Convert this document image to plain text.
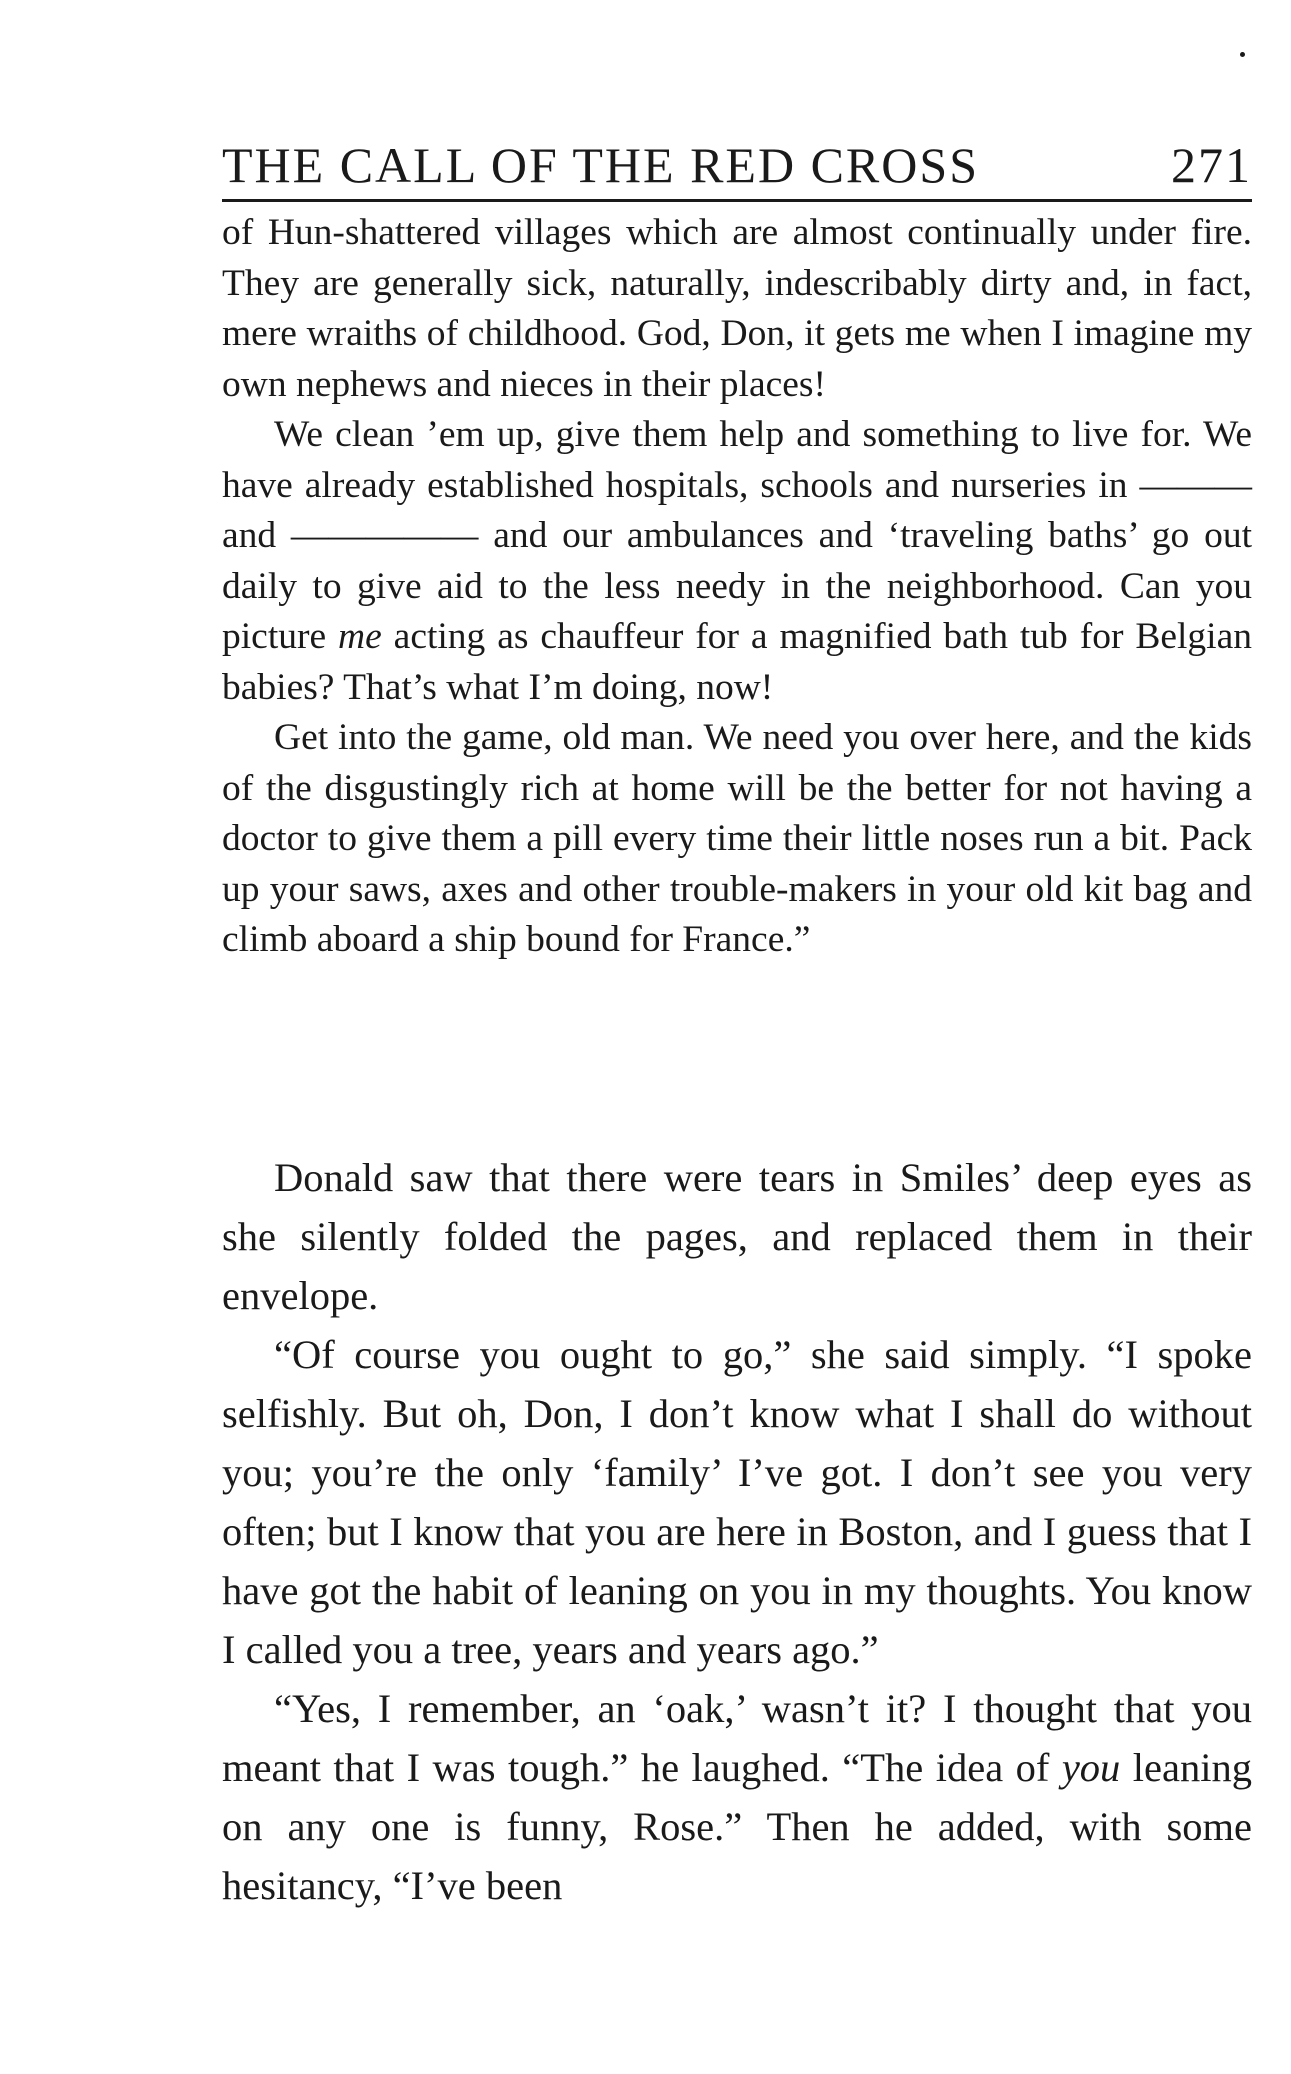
THE CALL OF THE RED CROSS	271

of Hun-shattered villages which are almost continually under fire. They are generally sick, naturally, indescribably dirty and, in fact, mere wraiths of childhood. God, Don, it gets me when I imagine my own nephews and nieces in their places!

We clean ’em up, give them help and something to live for. We have already established hospitals, schools and nurseries in ——— and ————— and our ambulances and ‘traveling baths’ go out daily to give aid to the less needy in the neighborhood. Can you picture me acting as chauffeur for a magnified bath tub for Belgian babies? That’s what I’m doing, now!

Get into the game, old man. We need you over here, and the kids of the disgustingly rich at home will be the better for not having a doctor to give them a pill every time their little noses run a bit. Pack up your saws, axes and other trouble-makers in your old kit bag and climb aboard a ship bound for France.”

Donald saw that there were tears in Smiles’ deep eyes as she silently folded the pages, and replaced them in their envelope.

“Of course you ought to go,” she said simply. “I spoke selfishly. But oh, Don, I don’t know what I shall do without you; you’re the only ‘family’ I’ve got. I don’t see you very often; but I know that you are here in Boston, and I guess that I have got the habit of leaning on you in my thoughts. You know I called you a tree, years and years ago.”

“Yes, I remember, an ‘oak,’ wasn’t it? I thought that you meant that I was tough.” he laughed. “The idea of you leaning on any one is funny, Rose.” Then he added, with some hesitancy, “I’ve been
